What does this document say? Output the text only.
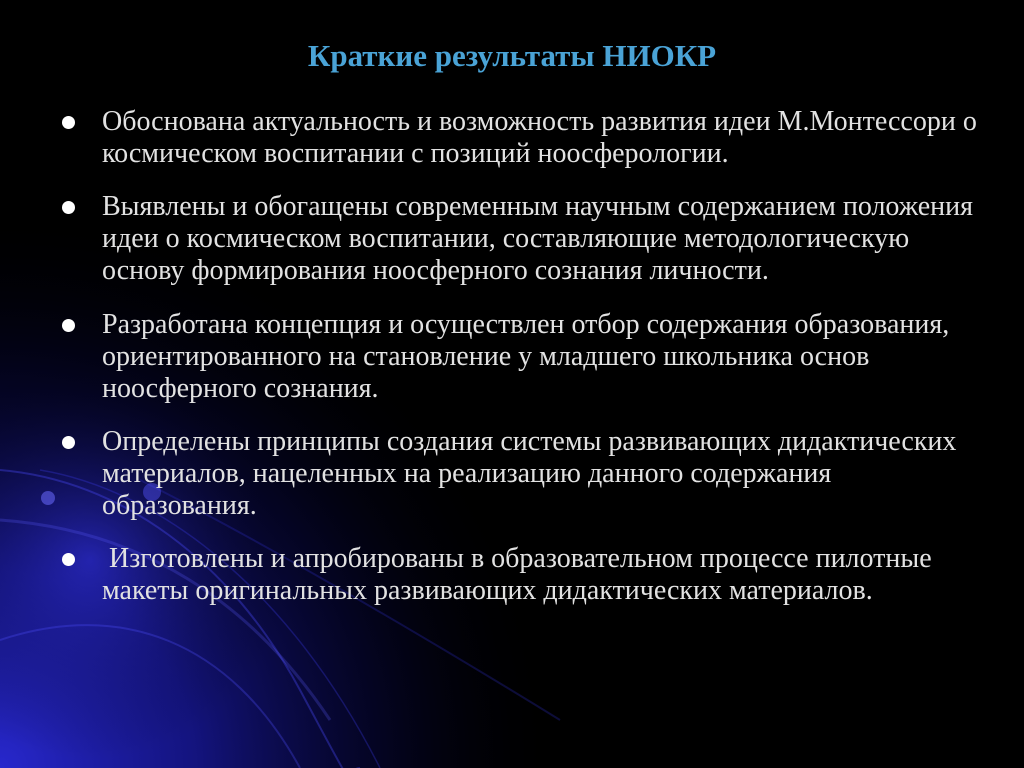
Краткие результаты НИОКР
Обоснована актуальность и возможность развития идеи М.Монтессори о космическом воспитании с позиций ноосферологии.
Выявлены и обогащены современным научным содержанием положения идеи о космическом воспитании, составляющие методологическую основу формирования ноосферного сознания личности.
Разработана концепция и осуществлен отбор содержания образования, ориентированного на становление у младшего школьника основ ноосферного сознания.
Определены принципы создания системы развивающих дидактических материалов, нацеленных на реализацию данного содержания образования.
Изготовлены и апробированы в образовательном процессе пилотные макеты оригинальных развивающих дидактических материалов.
